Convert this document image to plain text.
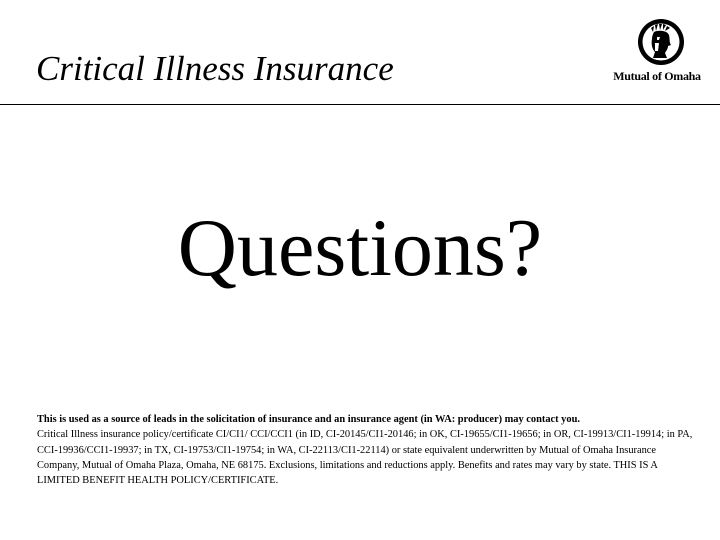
Critical Illness Insurance	Mutual of Omaha
Questions?
This is used as a source of leads in the solicitation of insurance and an insurance agent (in WA: producer) may contact you.
Critical Illness insurance policy/certificate CI/CI1/ CCI/CCI1 (in ID, CI-20145/CI1-20146; in OK, CI-19655/CI1-19656; in OR, CI-19913/CI1-19914; in PA, CCI-19936/CCI1-19937; in TX, CI-19753/CI1-19754; in WA, CI-22113/CI1-22114) or state equivalent underwritten by Mutual of Omaha Insurance Company, Mutual of Omaha Plaza, Omaha, NE 68175. Exclusions, limitations and reductions apply. Benefits and rates may vary by state. THIS IS A LIMITED BENEFIT HEALTH POLICY/CERTIFICATE.
